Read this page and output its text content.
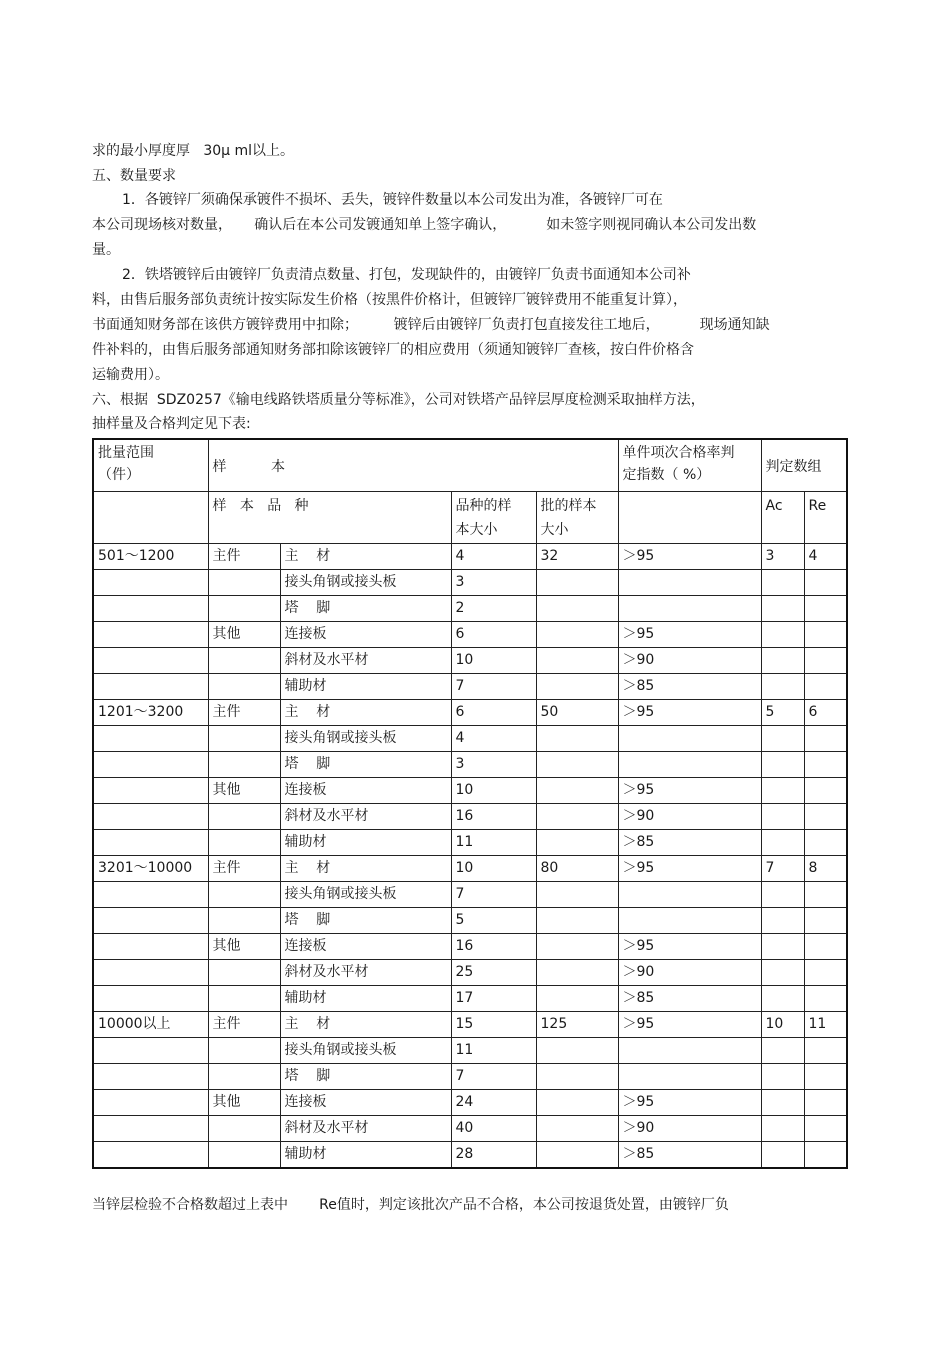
求的最小厚度厚   30μ ml以上。
五、数量要求
1．各镀锌厂须确保承镀件不损坏、丢失，镀锌件数量以本公司发出为准，各镀锌厂可在
本公司现场核对数量，     确认后在本公司发镀通知单上签字确认，         如未签字则视同确认本公司发出数
量。
2．铁塔镀锌后由镀锌厂负责清点数量、打包，发现缺件的，由镀锌厂负责书面通知本公司补
料，由售后服务部负责统计按实际发生价格（按黑件价格计，但镀锌厂镀锌费用不能重复计算），
书面通知财务部在该供方镀锌费用中扣除；        镀锌后由镀锌厂负责打包直接发往工地后，         现场通知缺
件补料的，由售后服务部通知财务部扣除该镀锌厂的相应费用（须通知镀锌厂查核，按白件价格含
运输费用）。
六、根据  SDZ0257《输电线路铁塔质量分等标准》，公司对铁塔产品锌层厚度检测采取抽样方法，
抽样量及合格判定见下表:
批量范围
（件）	样          本				单件项次合格率判
定指数（ %）	判定数组	
	样   本   品   种		品种的样
本大小	批的样本
大小		Ac	Re
501～1200	主件	主    材	4	32	＞95	3	4
		接头角钢或接头板	3				
		塔    脚	2				
	其他	连接板	6		＞95		
		斜材及水平材	10		＞90		
		辅助材	7		＞85		
1201～3200	主件	主    材	6	50	＞95	5	6
		接头角钢或接头板	4				
		塔    脚	3				
	其他	连接板	10		＞95		
		斜材及水平材	16		＞90		
		辅助材	11		＞85		
3201～10000	主件	主    材	10	80	＞95	7	8
		接头角钢或接头板	7				
		塔    脚	5				
	其他	连接板	16		＞95		
		斜材及水平材	25		＞90		
		辅助材	17		＞85		
10000以上	主件	主    材	15	125	＞95	10	11
		接头角钢或接头板	11				
		塔    脚	7				
	其他	连接板	24		＞95		
		斜材及水平材	40		＞90		
		辅助材	28		＞85		
当锌层检验不合格数超过上表中       Re值时，判定该批次产品不合格，本公司按退货处置，由镀锌厂负
